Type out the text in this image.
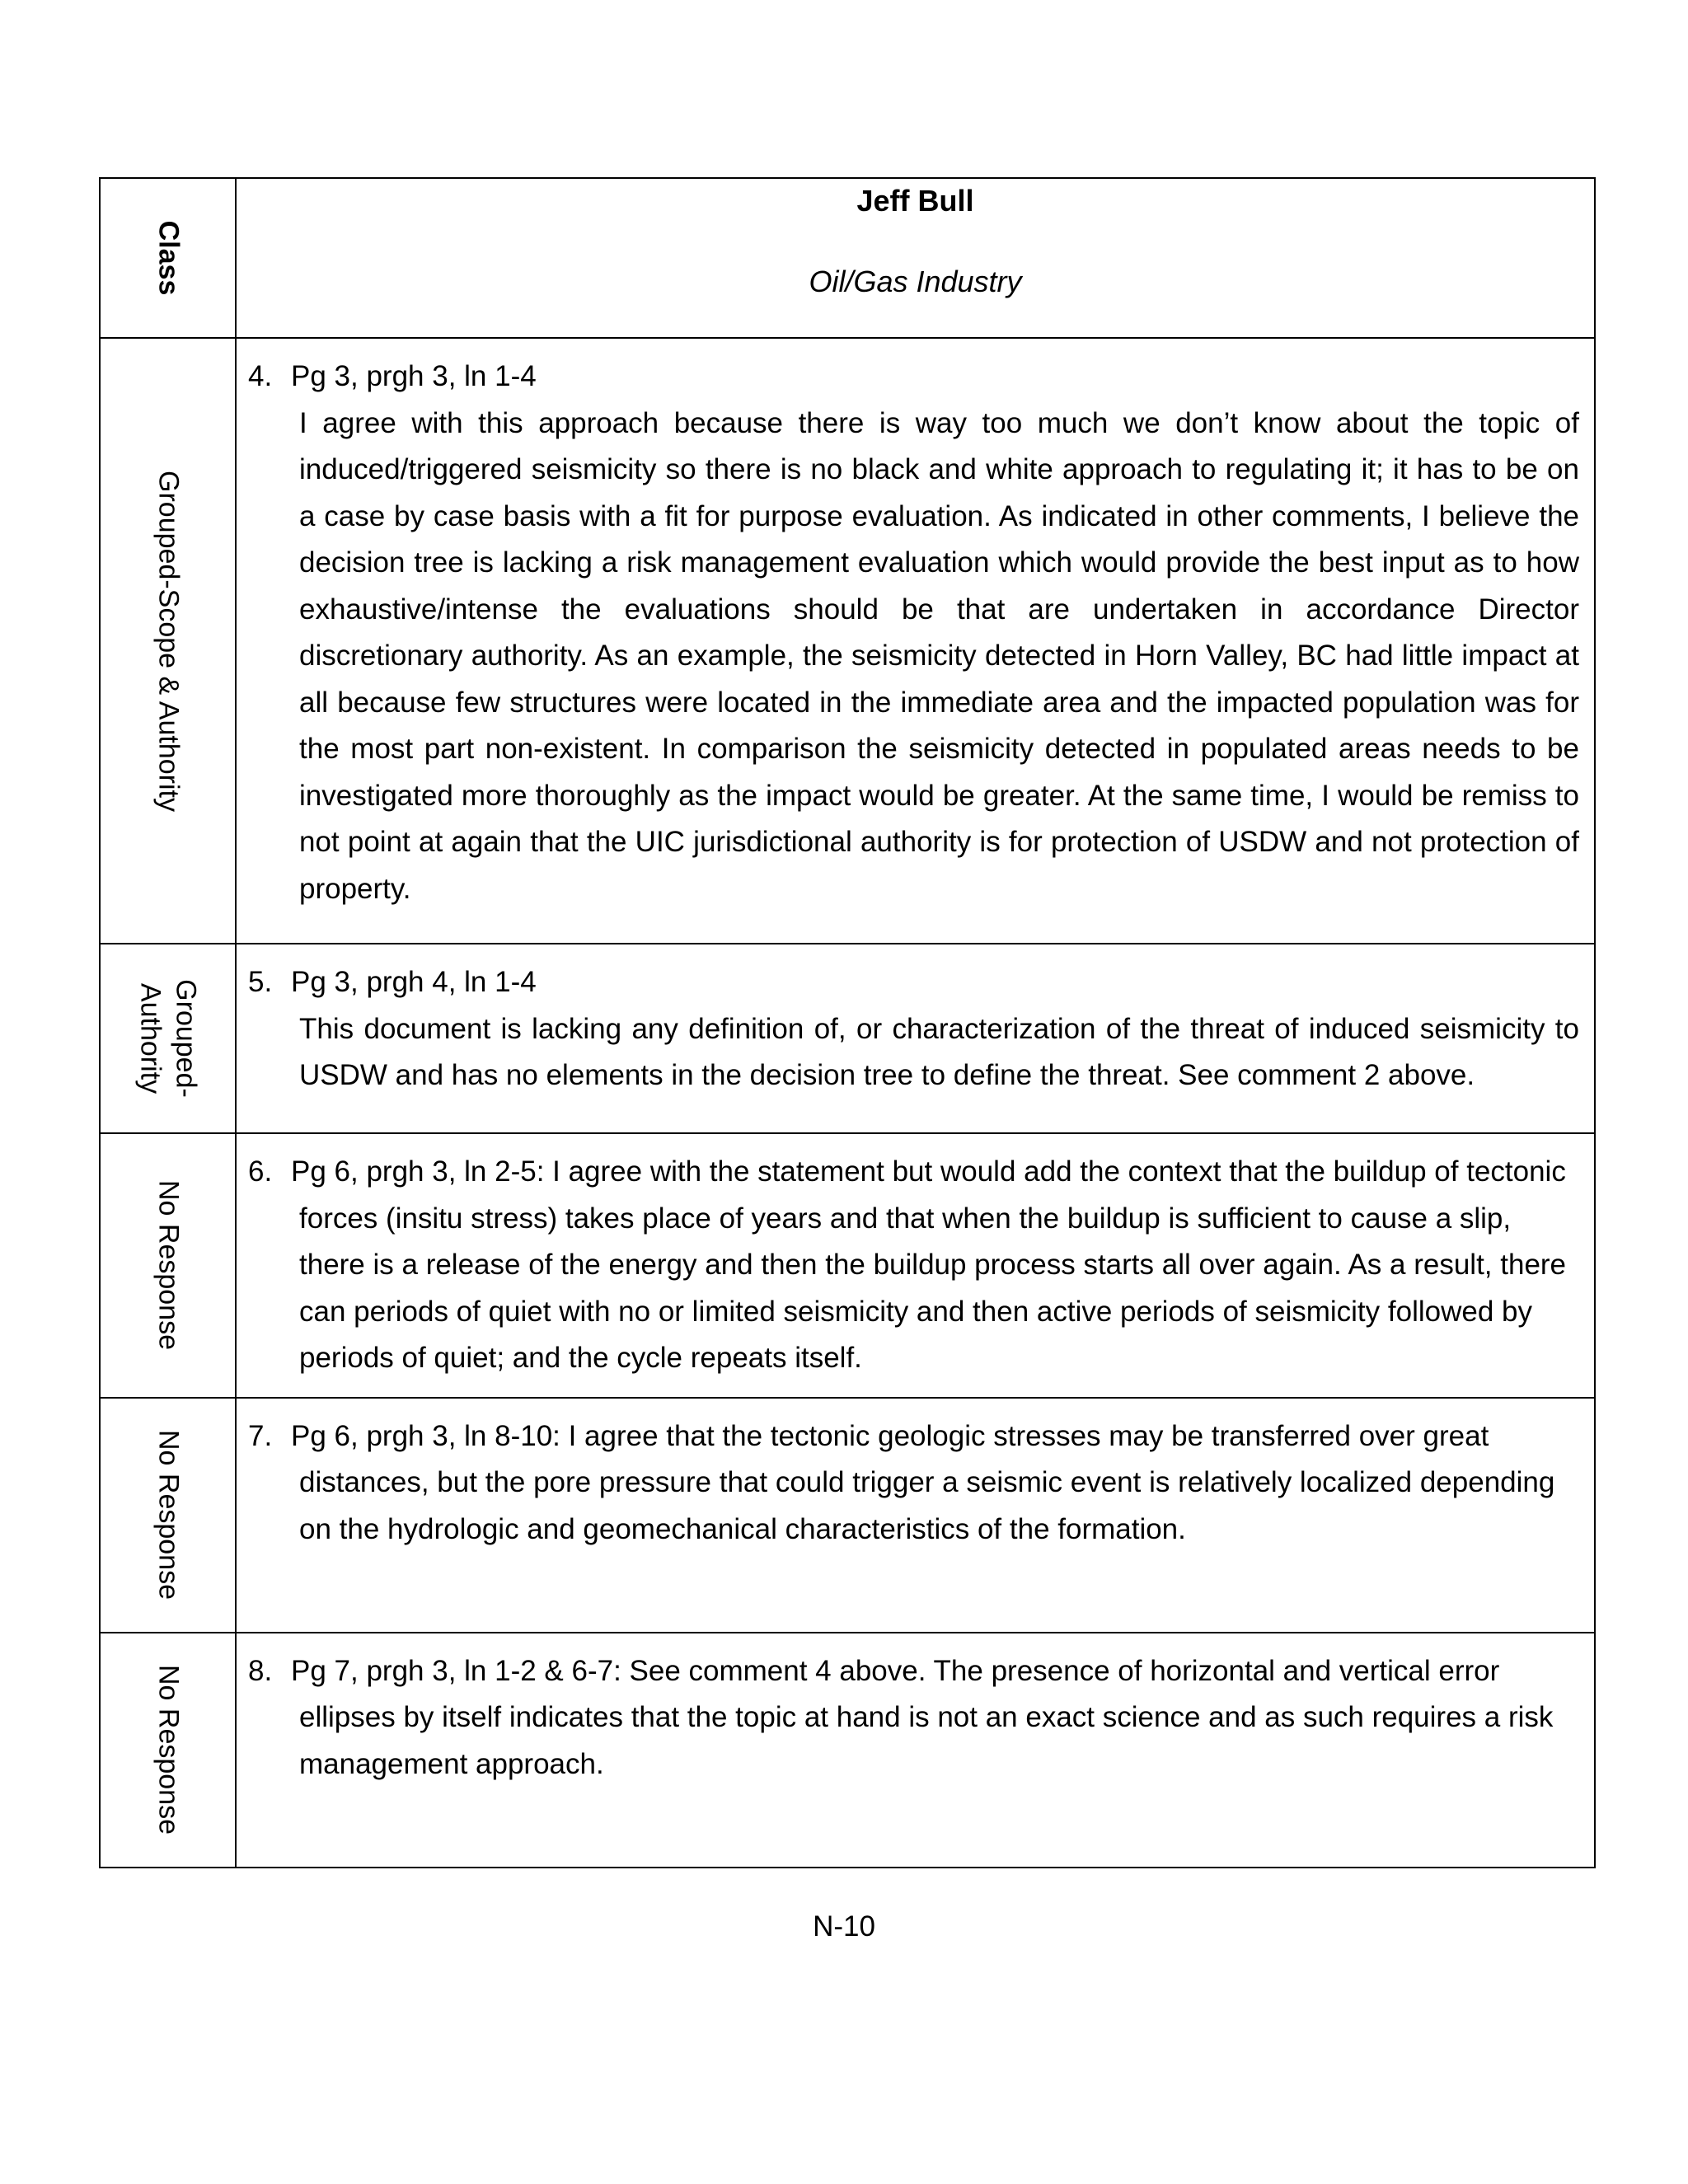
Class	Jeff Bull
Oil/Gas Industry

Grouped-Scope & Authority	4. Pg 3, prgh 3, ln 1-4
I agree with this approach because there is way too much we don’t know about the topic of induced/triggered seismicity so there is no black and white approach to regulating it; it has to be on a case by case basis with a fit for purpose evaluation. As indicated in other comments, I believe the decision tree is lacking a risk management evaluation which would provide the best input as to how exhaustive/intense the evaluations should be that are undertaken in accordance Director discretionary authority. As an example, the seismicity detected in Horn Valley, BC had little impact at all because few structures were located in the immediate area and the impacted population was for the most part non-existent. In comparison the seismicity detected in populated areas needs to be investigated more thoroughly as the impact would be greater. At the same time, I would be remiss to not point at again that the UIC jurisdictional authority is for protection of USDW and not protection of property.

Grouped-Authority	5. Pg 3, prgh 4, ln 1-4
This document is lacking any definition of, or characterization of the threat of induced seismicity to USDW and has no elements in the decision tree to define the threat. See comment 2 above.

No Response	6. Pg 6, prgh 3, ln 2-5: I agree with the statement but would add the context that the buildup of tectonic forces (insitu stress) takes place of years and that when the buildup is sufficient to cause a slip, there is a release of the energy and then the buildup process starts all over again. As a result, there can periods of quiet with no or limited seismicity and then active periods of seismicity followed by periods of quiet; and the cycle repeats itself.

No Response	7. Pg 6, prgh 3, ln 8-10: I agree that the tectonic geologic stresses may be transferred over great distances, but the pore pressure that could trigger a seismic event is relatively localized depending on the hydrologic and geomechanical characteristics of the formation.

No Response	8. Pg 7, prgh 3, ln 1-2 & 6-7: See comment 4 above. The presence of horizontal and vertical error ellipses by itself indicates that the topic at hand is not an exact science and as such requires a risk management approach.
N-10
